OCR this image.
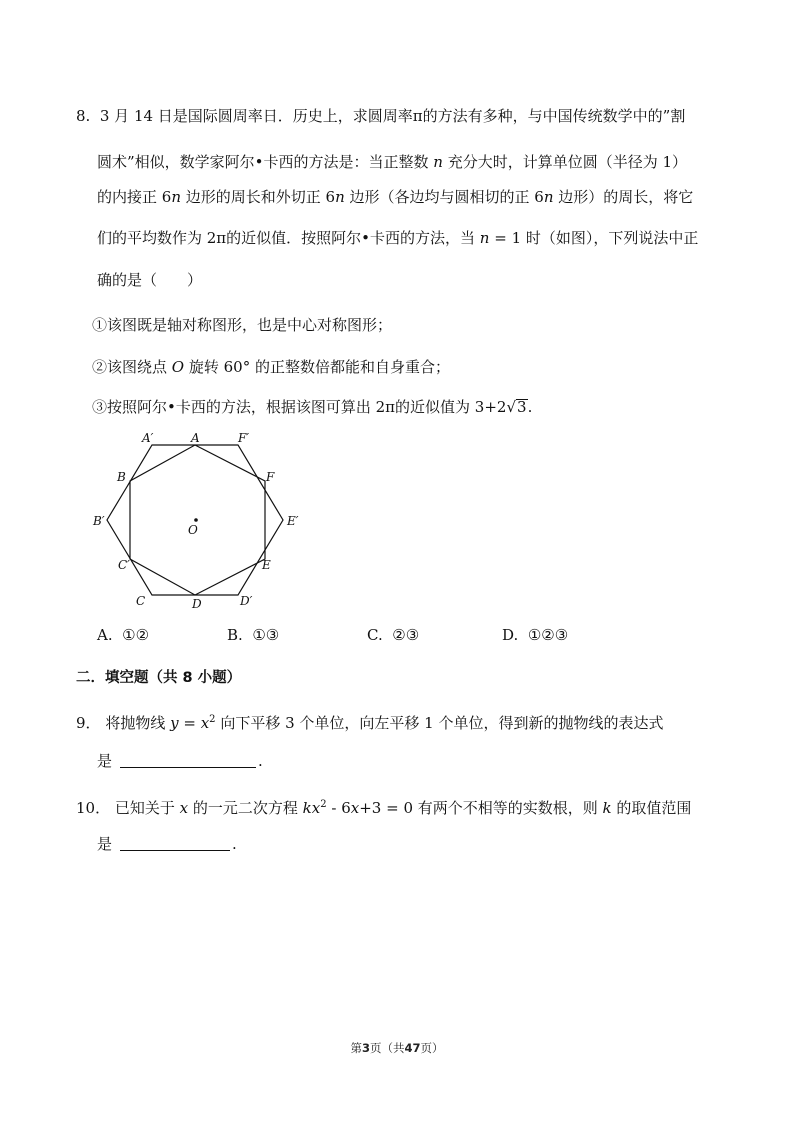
8. 3 月 14 日是国际圆周率日．历史上，求圆周率π的方法有多种，与中国传统数学中的”割
圆术”相似，数学家阿尔•卡西的方法是：当正整数 n 充分大时，计算单位圆（半径为 1）
的内接正 6n 边形的周长和外切正 6n 边形（各边均与圆相切的正 6n 边形）的周长，将它
们的平均数作为 2π的近似值．按照阿尔•卡西的方法，当 n = 1 时（如图），下列说法中正
确的是（　　）
①该图既是轴对称图形，也是中心对称图形；
②该图绕点 O 旋转 60° 的正整数倍都能和自身重合；
③按照阿尔•卡西的方法，根据该图可算出 2π的近似值为 3+2√3.
A′	A	F′
B	F
B′
O
E′
C′	E
C	D	D′
A. ①②	B. ①③	C. ②③	D. ①②③
二．填空题（共 8 小题）
9． 将抛物线 $y = x^2$ 向下平移 3 个单位，向左平移 1 个单位，得到新的抛物线的表达式
是	.
10． 已知关于 x 的一元二次方程 $kx^2 - 6x+3 = 0$ 有两个不相等的实数根，则 k 的取值范围
是	.
第3页（共47页）
